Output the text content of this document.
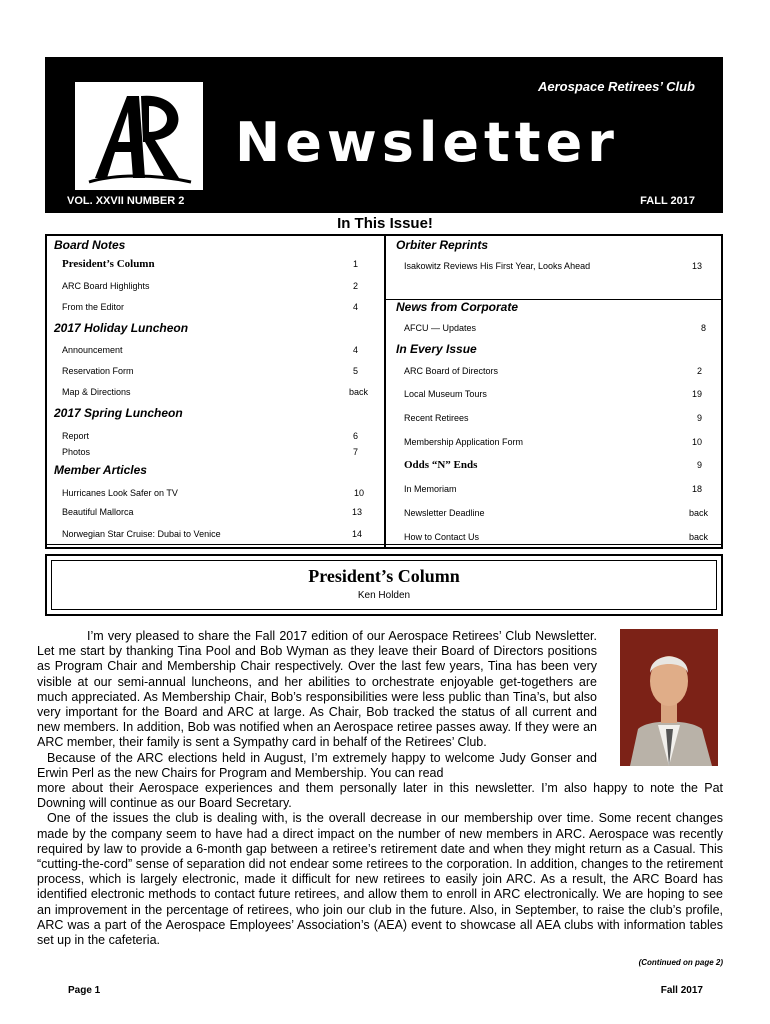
Aerospace Retirees’ Club
Newsletter
VOL. XXVII NUMBER 2	FALL 2017
In This Issue!
Board Notes
President’s Column	1
ARC Board Highlights	2
From the Editor	4
2017 Holiday Luncheon
Announcement	4
Reservation Form	5
Map & Directions	back
2017 Spring Luncheon
Report	6
Photos	7
Member Articles
Hurricanes Look Safer on TV	10
Beautiful Mallorca	13
Norwegian Star Cruise: Dubai to Venice	14
Orbiter Reprints
Isakowitz Reviews His First Year, Looks Ahead	13
News from Corporate
AFCU — Updates	8
In Every Issue
ARC Board of Directors	2
Local Museum Tours	19
Recent Retirees	9
Membership Application Form	10
Odds “N” Ends	9
In Memoriam	18
Newsletter Deadline	back
How to Contact Us	back
President’s Column
Ken Holden

I’m very pleased to share the Fall 2017 edition of our Aerospace Retirees’ Club Newsletter. Let me start by thanking Tina Pool and Bob Wyman as they leave their Board of Directors positions as Program Chair and Membership Chair respectively. Over the last few years, Tina has been very visible at our semi-annual luncheons, and her abilities to orchestrate enjoyable get-togethers are much appreciated. As Membership Chair, Bob’s responsibilities were less public than Tina’s, but also very important for the Board and ARC at large. As Chair, Bob tracked the status of all current and new members. In addition, Bob was notified when an Aerospace retiree passes away. If they were an ARC member, their family is sent a Sympathy card in behalf of the Retirees’ Club.

Because of the ARC elections held in August, I’m extremely happy to welcome Judy Gonser and Erwin Perl as the new Chairs for Program and Membership. You can read

more about their Aerospace experiences and them personally later in this newsletter. I’m also happy to note the Pat Downing will continue as our Board Secretary.

One of the issues the club is dealing with, is the overall decrease in our membership over time. Some recent changes made by the company seem to have had a direct impact on the number of new members in ARC. Aerospace was recently required by law to provide a 6-month gap between a retiree’s retirement date and when they might return as a Casual. This “cutting-the-cord” sense of separation did not endear some retirees to the corporation. In addition, changes to the retirement process, which is largely electronic, made it difficult for new retirees to easily join ARC. As a result, the ARC Board has identified electronic methods to contact future retirees, and allow them to enroll in ARC electronically. We are hoping to see an improvement in the percentage of retirees, who join our club in the future. Also, in September, to raise the club’s profile, ARC was a part of the Aerospace Employees’ Association’s (AEA) event to showcase all AEA clubs with information tables set up in the cafeteria.

(Continued on page 2)
Page 1	Fall 2017
